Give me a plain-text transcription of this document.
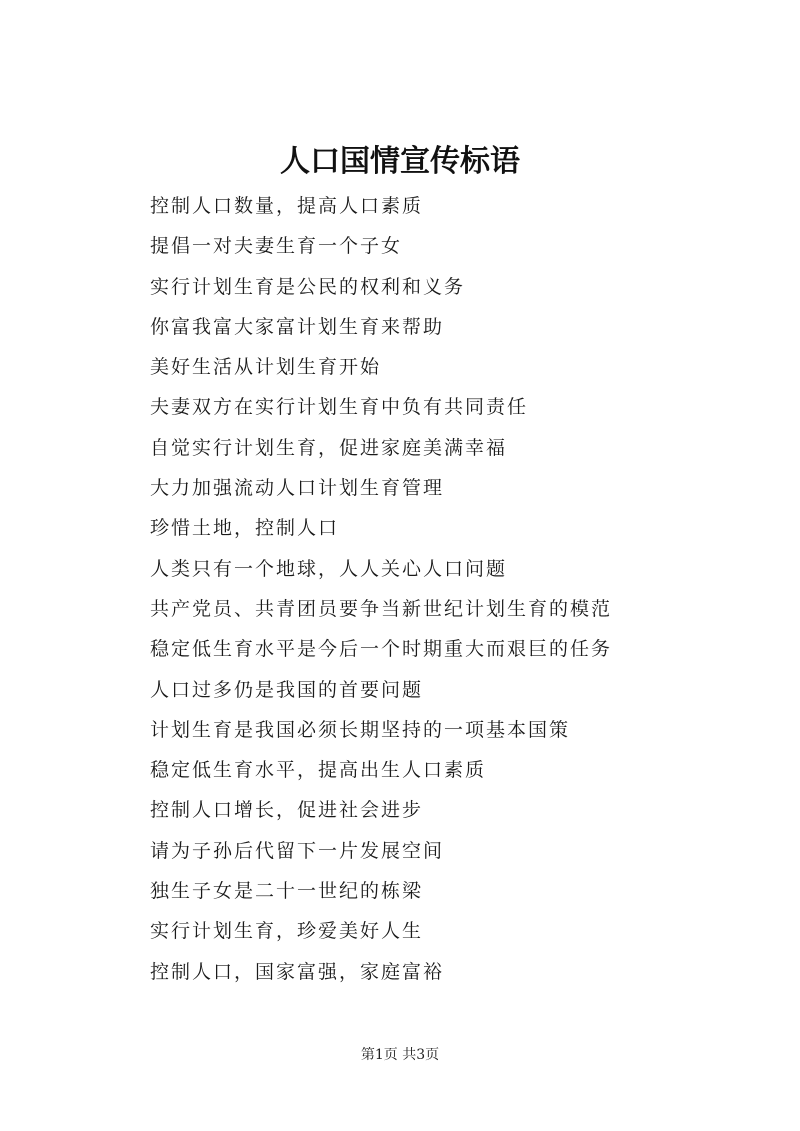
人口国情宣传标语
控制人口数量，提高人口素质
提倡一对夫妻生育一个子女
实行计划生育是公民的权利和义务
你富我富大家富计划生育来帮助
美好生活从计划生育开始
夫妻双方在实行计划生育中负有共同责任
自觉实行计划生育，促进家庭美满幸福
大力加强流动人口计划生育管理
珍惜土地，控制人口
人类只有一个地球，人人关心人口问题
共产党员、共青团员要争当新世纪计划生育的模范
稳定低生育水平是今后一个时期重大而艰巨的任务
人口过多仍是我国的首要问题
计划生育是我国必须长期坚持的一项基本国策
稳定低生育水平，提高出生人口素质
控制人口增长，促进社会进步
请为子孙后代留下一片发展空间
独生子女是二十一世纪的栋梁
实行计划生育，珍爱美好人生
控制人口，国家富强，家庭富裕
第1页 共3页
